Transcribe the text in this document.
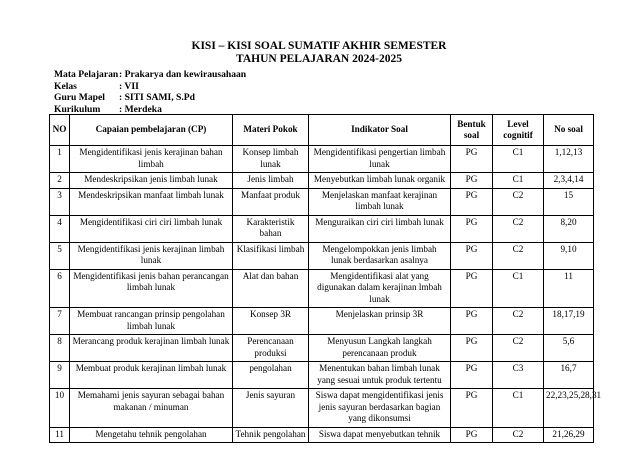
KISI – KISI SOAL SUMATIF AKHIR SEMESTER
TAHUN PELAJARAN 2024-2025
Mata Pelajaran : Prakarya dan kewirausahaan
Kelas	: VII
Guru Mapel	: SITI SAMI, S.Pd
Kurikulum	: Merdeka
NO	Capaian pembelajaran (CP)	Materi Pokok	Indikator Soal	Bentuk soal	Level cognitif	No soal
1	Mengidentifikasi jenis kerajinan bahan limbah	Konsep limbah lunak	Mengidentifikasi pengertian limbah lunak	PG	C1	1,12,13
2	Mendeskripsikan jenis limbah lunak	Jenis limbah	Menyebutkan limbah lunak organik	PG	C1	2,3,4,14
3	Mendeskripsikan manfaat limbah lunak	Manfaat produk	Menjelaskan manfaat kerajinan limbah lunak	PG	C2	15
4	Mengidentifikasi ciri ciri limbah lunak	Karakteristik bahan	Menguraikan ciri ciri limbah lunak	PG	C2	8,20
5	Mengidentifikasi jenis kerajinan limbah lunak	Klasifikasi limbah	Mengelompokkan jenis limbah lunak berdasarkan asalnya	PG	C2	9,10
6	Mengidentifikasi jenis bahan perancangan limbah lunak	Alat dan bahan	Mengidentifikasi alat yang digunakan dalam kerajinan lmbah lunak	PG	C1	11
7	Membuat rancangan prinsip pengolahan limbah lunak	Konsep 3R	Menjelaskan prinsip 3R	PG	C2	18,17,19
8	Merancang produk kerajinan limbah lunak	Perencanaan produksi	Menyusun Langkah langkah perencanaan produk	PG	C2	5,6
9	Membuat produk kerajinan limbah lunak	pengolahan	Menentukan bahan limbah lunak yang sesuai untuk produk tertentu	PG	C3	16,7
10	Memahami jenis sayuran sebagai bahan makanan / minuman	Jenis sayuran	Siswa dapat mengidentifikasi jenis jenis sayuran berdasarkan bagian yang dikonsumsi	PG	C1	22,23,25,28,31
11	Mengetahu tehnik pengolahan	Tehnik pengolahan	Siswa dapat menyebutkan tehnik	PG	C2	21,26,29
